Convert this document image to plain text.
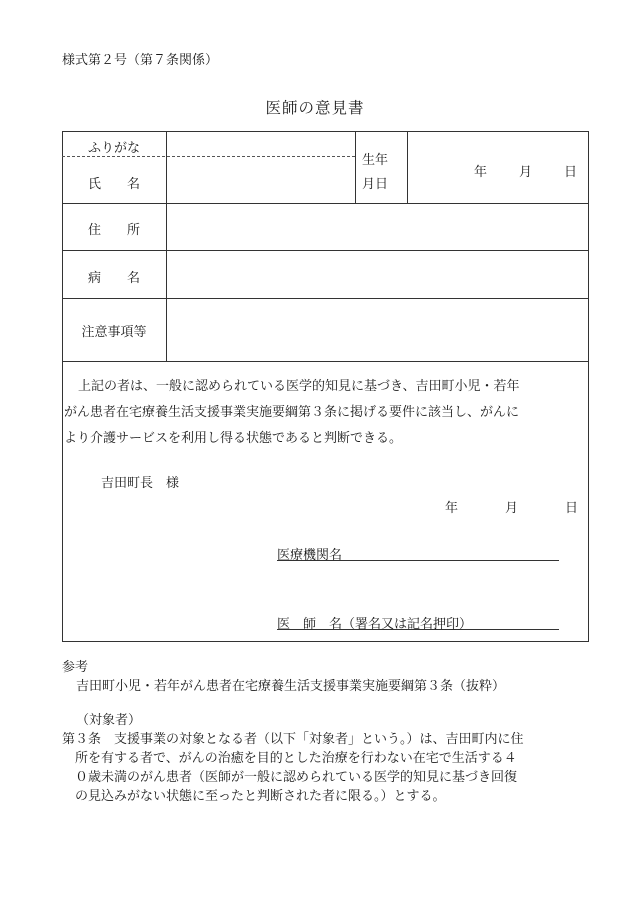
様式第２号（第７条関係）
医師の意見書
ふりがな
氏　　名
生年
月日
年 月 日
住　　所
病　　名
注意事項等
上記の者は、一般に認められている医学的知見に基づき、吉田町小児・若年
がん患者在宅療養生活支援事業実施要綱第３条に掲げる要件に該当し、がんに
より介護サービスを利用し得る状態であると判断できる。
吉田町長　様
年	月	日
医療機関名
医　師　名（署名又は記名押印）
参考
吉田町小児・若年がん患者在宅療養生活支援事業実施要綱第３条（抜粋）
（対象者）
第３条　支援事業の対象となる者（以下「対象者」という。）は、吉田町内に住
所を有する者で、がんの治癒を目的とした治療を行わない在宅で生活する４
０歳未満のがん患者（医師が一般に認められている医学的知見に基づき回復
の見込みがない状態に至ったと判断された者に限る。）とする。
